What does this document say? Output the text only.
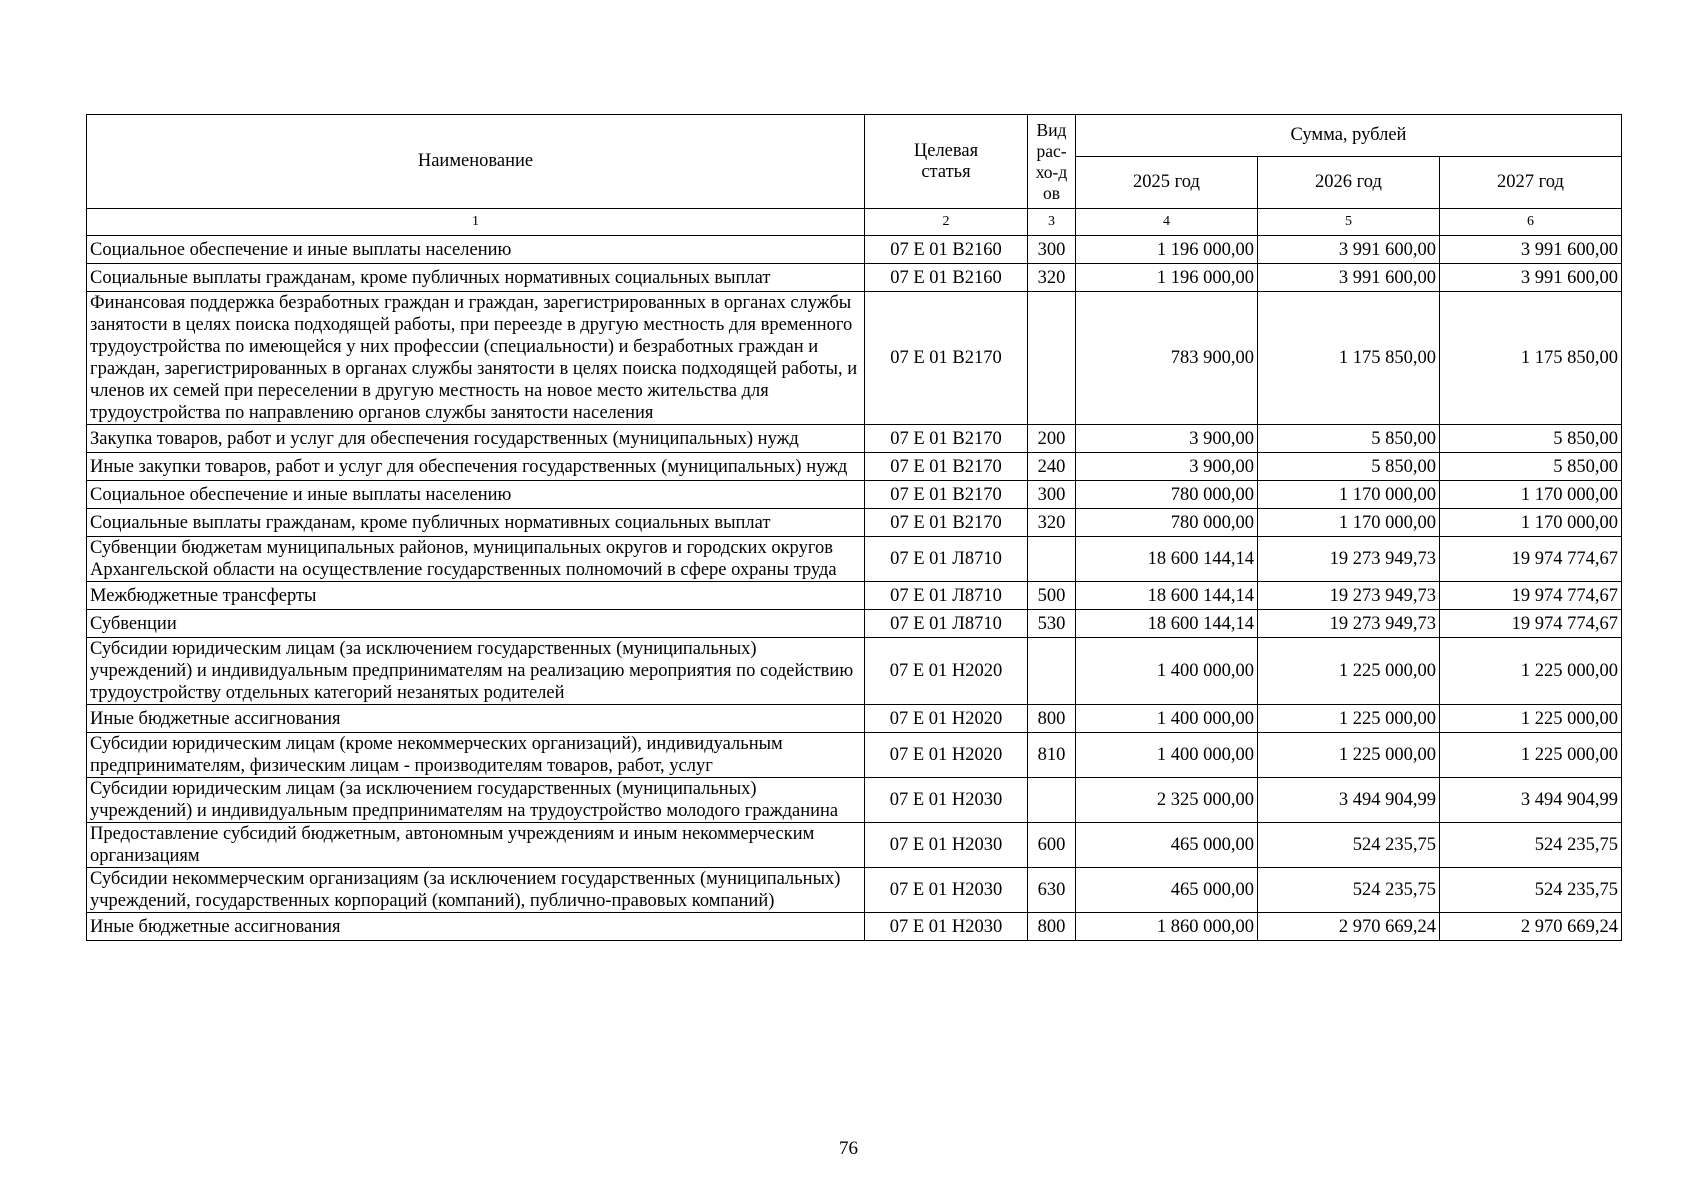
Наименование	Целевая статья	Вид рас-хо-дов	Сумма, рублей		
			2025 год	2026 год	2027 год
1	2	3	4	5	6
Социальное обеспечение и иные выплаты населению	07 Е 01 В2160	300	1 196 000,00	3 991 600,00	3 991 600,00
Социальные выплаты гражданам, кроме публичных нормативных социальных выплат	07 Е 01 В2160	320	1 196 000,00	3 991 600,00	3 991 600,00
Финансовая поддержка безработных граждан и граждан, зарегистрированных в органах службы занятости в целях поиска подходящей работы, при переезде в другую местность для временного трудоустройства по имеющейся у них профессии (специальности) и безработных граждан и граждан, зарегистрированных в органах службы занятости в целях поиска подходящей работы, и членов их семей при переселении в другую местность на новое место жительства для трудоустройства по направлению органов службы занятости населения	07 Е 01 В2170		783 900,00	1 175 850,00	1 175 850,00
Закупка товаров, работ и услуг для обеспечения государственных (муниципальных) нужд	07 Е 01 В2170	200	3 900,00	5 850,00	5 850,00
Иные закупки товаров, работ и услуг для обеспечения государственных (муниципальных) нужд	07 Е 01 В2170	240	3 900,00	5 850,00	5 850,00
Социальное обеспечение и иные выплаты населению	07 Е 01 В2170	300	780 000,00	1 170 000,00	1 170 000,00
Социальные выплаты гражданам, кроме публичных нормативных социальных выплат	07 Е 01 В2170	320	780 000,00	1 170 000,00	1 170 000,00
Субвенции бюджетам муниципальных районов, муниципальных округов и городских округов Архангельской области на осуществление государственных полномочий в сфере охраны труда	07 Е 01 Л8710		18 600 144,14	19 273 949,73	19 974 774,67
Межбюджетные трансферты	07 Е 01 Л8710	500	18 600 144,14	19 273 949,73	19 974 774,67
Субвенции	07 Е 01 Л8710	530	18 600 144,14	19 273 949,73	19 974 774,67
Субсидии юридическим лицам (за исключением государственных (муниципальных) учреждений) и индивидуальным предпринимателям на реализацию мероприятия по содействию трудоустройству отдельных категорий незанятых родителей	07 Е 01 Н2020		1 400 000,00	1 225 000,00	1 225 000,00
Иные бюджетные ассигнования	07 Е 01 Н2020	800	1 400 000,00	1 225 000,00	1 225 000,00
Субсидии юридическим лицам (кроме некоммерческих организаций), индивидуальным предпринимателям, физическим лицам - производителям товаров, работ, услуг	07 Е 01 Н2020	810	1 400 000,00	1 225 000,00	1 225 000,00
Субсидии юридическим лицам (за исключением государственных (муниципальных) учреждений) и индивидуальным предпринимателям на трудоустройство молодого гражданина	07 Е 01 Н2030		2 325 000,00	3 494 904,99	3 494 904,99
Предоставление субсидий бюджетным, автономным учреждениям и иным некоммерческим организациям	07 Е 01 Н2030	600	465 000,00	524 235,75	524 235,75
Субсидии некоммерческим организациям (за исключением государственных (муниципальных) учреждений, государственных корпораций (компаний), публично-правовых компаний)	07 Е 01 Н2030	630	465 000,00	524 235,75	524 235,75
Иные бюджетные ассигнования	07 Е 01 Н2030	800	1 860 000,00	2 970 669,24	2 970 669,24
76
